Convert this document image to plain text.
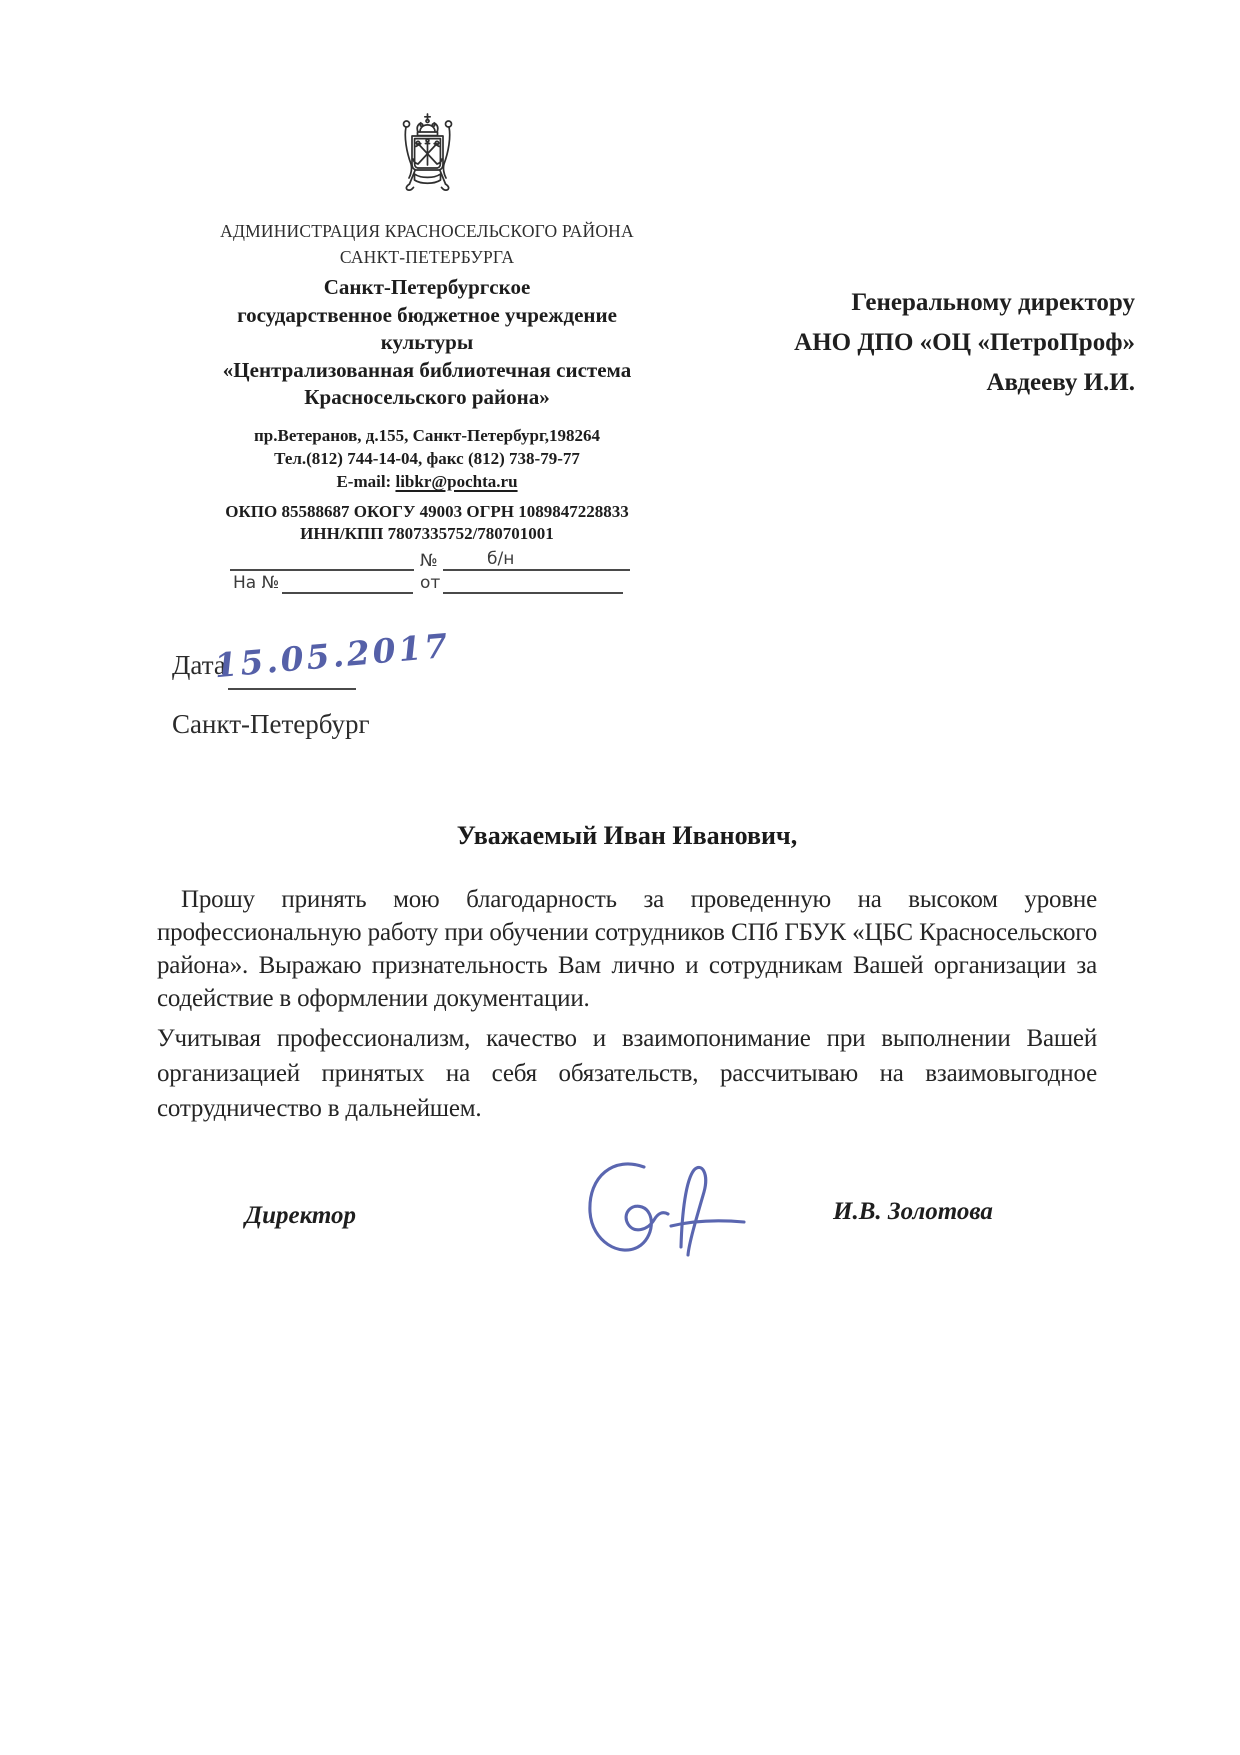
АДМИНИСТРАЦИЯ КРАСНОСЕЛЬСКОГО РАЙОНА
САНКТ-ПЕТЕРБУРГА
Санкт-Петербургское
государственное бюджетное учреждение
культуры
«Централизованная библиотечная система
Красносельского района»
пр.Ветеранов, д.155, Санкт-Петербург,198264
Тел.(812) 744-14-04, факс (812) 738-79-77
E-mail: libkr@pochta.ru
ОКПО 85588687 ОКОГУ 49003 ОГРН 1089847228833
ИНН/КПП 7807335752/780701001
№	б/н
На №	от
Генеральному директору
АНО ДПО «ОЦ «ПетроПроф»
Авдееву И.И.
Дата
15.05.2017
Санкт-Петербург
Уважаемый Иван Иванович,
Прошу принять мою благодарность за проведенную на высоком уровне
профессиональную работу при обучении сотрудников СПб ГБУК «ЦБС Красносельского
района». Выражаю признательность Вам лично и сотрудникам Вашей организации за
содействие в оформлении документации.
Учитывая профессионализм, качество и взаимопонимание при выполнении Вашей
организацией принятых на себя обязательств, рассчитываю на взаимовыгодное
сотрудничество в дальнейшем.
Директор	И.В. Золотова
